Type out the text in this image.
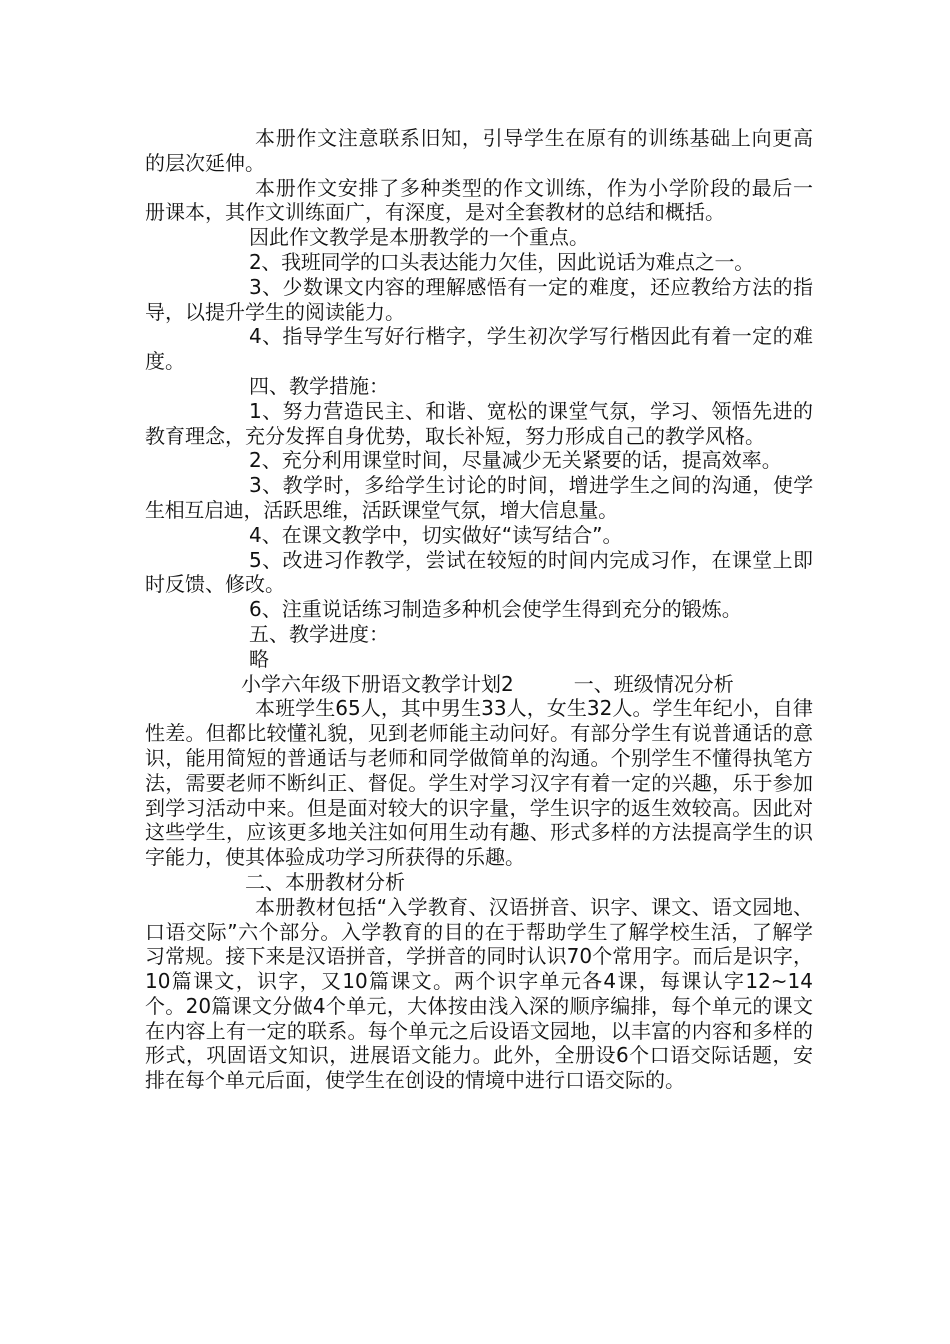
本册作文注意联系旧知，引导学生在原有的训练基础上向更高的层次延伸。

本册作文安排了多种类型的作文训练，作为小学阶段的最后一册课本，其作文训练面广，有深度，是对全套教材的总结和概括。

因此作文教学是本册教学的一个重点。

2、我班同学的口头表达能力欠佳，因此说话为难点之一。

3、少数课文内容的理解感悟有一定的难度，还应教给方法的指导，以提升学生的阅读能力。

4、指导学生写好行楷字，学生初次学写行楷因此有着一定的难度。

四、教学措施：

1、努力营造民主、和谐、宽松的课堂气氛，学习、领悟先进的教育理念，充分发挥自身优势，取长补短，努力形成自己的教学风格。

2、充分利用课堂时间，尽量减少无关紧要的话，提高效率。

3、教学时，多给学生讨论的时间，增进学生之间的沟通，使学生相互启迪，活跃思维，活跃课堂气氛，增大信息量。

4、在课文教学中，切实做好“读写结合”。

5、改进习作教学，尝试在较短的时间内完成习作，在课堂上即时反馈、修改。

6、注重说话练习制造多种机会使学生得到充分的锻炼。

五、教学进度：

略

小学六年级下册语文教学计划2　　　一、班级情况分析

本班学生65人，其中男生33人，女生32人。学生年纪小，自律性差。但都比较懂礼貌，见到老师能主动问好。有部分学生有说普通话的意识，能用简短的普通话与老师和同学做简单的沟通。个别学生不懂得执笔方法，需要老师不断纠正、督促。学生对学习汉字有着一定的兴趣，乐于参加到学习活动中来。但是面对较大的识字量，学生识字的返生效较高。因此对这些学生，应该更多地关注如何用生动有趣、形式多样的方法提高学生的识字能力，使其体验成功学习所获得的乐趣。

二、本册教材分析

本册教材包括“入学教育、汉语拼音、识字、课文、语文园地、口语交际”六个部分。入学教育的目的在于帮助学生了解学校生活，了解学习常规。接下来是汉语拼音，学拼音的同时认识70个常用字。而后是识字，10篇课文，识字，又10篇课文。两个识字单元各4课，每课认字12~14个。20篇课文分做4个单元，大体按由浅入深的顺序编排，每个单元的课文在内容上有一定的联系。每个单元之后设语文园地，以丰富的内容和多样的形式，巩固语文知识，进展语文能力。此外，全册设6个口语交际话题，安排在每个单元后面，使学生在创设的情境中进行口语交际的。
